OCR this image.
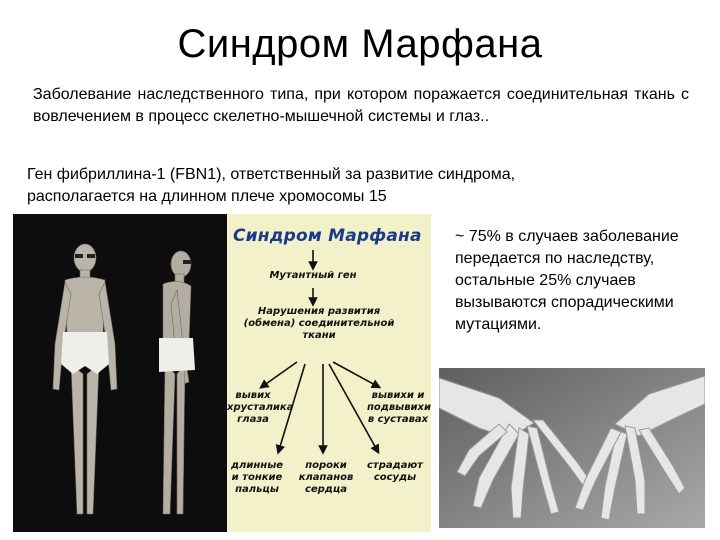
Синдром Марфана
Заболевание наследственного типа, при котором поражается соединительная ткань с вовлечением в процесс скелетно-мышечной системы и глаз..
Ген фибриллина-1 (FBN1), ответственный за развитие синдрома, располагается на длинном плече хромосомы 15
~ 75% в случаев заболевание передается по наследству, остальные 25% случаев вызываются спорадическими мутациями.
Синдром Марфана
Мутантный ген
Нарушения развития (обмена) соединительной ткани
вывих хрусталика глаза
вывихи и подвывихи в суставах
длинные и тонкие пальцы
пороки клапанов сердца
страдают сосуды
